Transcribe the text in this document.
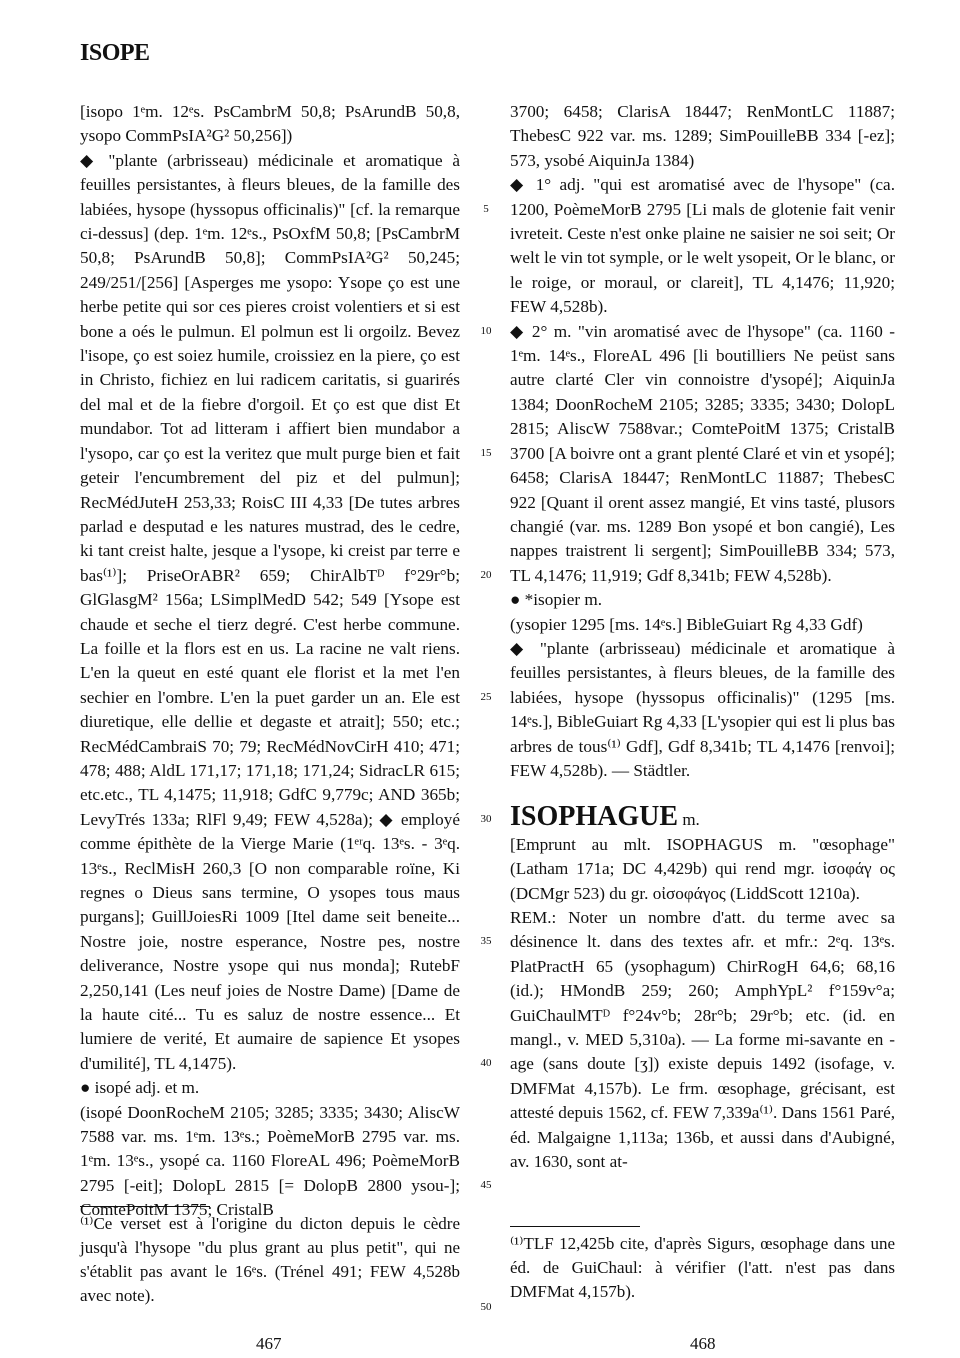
ISOPE

[isopo 1ᵉm. 12ᵉs. PsCambrM 50,8; PsArundB 50,8, ysopo CommPsIA²G² 50,256])

◆ "plante (arbrisseau) médicinale et aromatique à feuilles persistantes, à fleurs bleues, de la famille des labiées, hysope (hyssopus officinalis)" [cf. la remarque ci-dessus] (dep. 1ᵉm. 12ᵉs., PsOxfM 50,8; [PsCambrM 50,8; PsArundB 50,8]; CommPsIA²G² 50,245; 249/251/[256] [Asperges me ysopo: Ysope ço est une herbe petite qui sor ces pieres croist volentiers et si est bone a oés le pulmun. El polmun est li orgoilz. Bevez l'isope, ço est soiez humile, croissiez en la piere, ço est in Christo, fichiez en lui radicem caritatis, si guarirés del mal et de la fiebre d'orgoil. Et ço est que dist Et mundabor. Tot ad litteram i affiert bien mundabor a l'ysopo, car ço est la veritez que mult purge bien et fait geteir l'encumbrement del piz et del pulmun]; RecMédJuteH 253,33; RoisC III 4,33 [De tutes arbres parlad e desputad e les natures mustrad, des le cedre, ki tant creist halte, jesque a l'ysope, ki creist par terre e bas⁽¹⁾]; PriseOrABR² 659; ChirAlbTᴰ f°29r°b; GlGlasgM² 156a; LSimplMedD 542; 549 [Ysope est chaude et seche el tierz degré. C'est herbe commune. La foille et la flors est en us. La racine ne valt riens. L'en la queut en esté quant ele florist et la met l'en sechier en l'ombre. L'en la puet garder un an. Ele est diuretique, elle dellie et degaste et atrait]; 550; etc.; RecMédCambraiS 70; 79; RecMédNovCirH 410; 471; 478; 488; AldL 171,17; 171,18; 171,24; SidracLR 615; etc.etc., TL 4,1475; 11,918; GdfC 9,779c; AND 365b; LevyTrés 133a; RlFl 9,49; FEW 4,528a); ◆ employé comme épithète de la Vierge Marie (1ᵉʳq. 13ᵉs. - 3ᵉq. 13ᵉs., ReclMisH 260,3 [O non comparable roïne, Ki regnes o Dieus sans termine, O ysopes tous maus purgans]; GuillJoiesRi 1009 [Itel dame seit beneite... Nostre joie, nostre esperance, Nostre pes, nostre deliverance, Nostre ysope qui nus monda]; RutebF 2,250,141 (Les neuf joies de Nostre Dame) [Dame de la haute cité... Tu es saluz de nostre essence... Et lumiere de verité, Et aumaire de sapience Et ysopes d'umilité], TL 4,1475).

● isopé adj. et m.

(isopé DoonRocheM 2105; 3285; 3335; 3430; AliscW 7588 var. ms. 1ᵉm. 13ᵉs.; PoèmeMorB 2795 var. ms. 1ᵉm. 13ᵉs., ysopé ca. 1160 FloreAL 496; PoèmeMorB 2795 [-eit]; DolopL 2815 [= DolopB 2800 ysou-]; ComtePoitM 1375; CristalB

5
10
15
20
25
30
35
40
45
50

3700; 6458; ClarisA 18447; RenMontLC 11887; ThebesC 922 var. ms. 1289; SimPouilleBB 334 [-ez]; 573, ysobé AiquinJa 1384)

◆ 1° adj. "qui est aromatisé avec de l'hysope" (ca. 1200, PoèmeMorB 2795 [Li mals de glotenie fait venir ivreteit. Ceste n'est onke plaine ne saisier ne soi seit; Or welt le vin tot symple, or le welt ysopeit, Or le blanc, or le roige, or moraul, or clareit], TL 4,1476; 11,920; FEW 4,528b).

◆ 2° m. "vin aromatisé avec de l'hysope" (ca. 1160 - 1ᵉm. 14ᵉs., FloreAL 496 [li boutilliers Ne peüst sans autre clarté Cler vin connoistre d'ysopé]; AiquinJa 1384; DoonRocheM 2105; 3285; 3335; 3430; DolopL 2815; AliscW 7588var.; ComtePoitM 1375; CristalB 3700 [A boivre ont a grant plenté Claré et vin et ysopé]; 6458; ClarisA 18447; RenMontLC 11887; ThebesC 922 [Quant il orent assez mangié, Et vins tasté, plusors changié (var. ms. 1289 Bon ysopé et bon cangié), Les nappes traistrent li sergent]; SimPouilleBB 334; 573, TL 4,1476; 11,919; Gdf 8,341b; FEW 4,528b).

● *isopier m.

(ysopier 1295 [ms. 14ᵉs.] BibleGuiart Rg 4,33 Gdf)

◆ "plante (arbrisseau) médicinale et aromatique à feuilles persistantes, à fleurs bleues, de la famille des labiées, hysope (hyssopus officinalis)" (1295 [ms. 14ᵉs.], BibleGuiart Rg 4,33 [L'ysopier qui est li plus bas arbres de tous⁽¹⁾ Gdf], Gdf 8,341b; TL 4,1476 [renvoi]; FEW 4,528b). — Städtler.

ISOPHAGUE m.

[Emprunt au mlt. ISOPHAGUS m. "œsophage" (Latham 171a; DC 4,429b) qui rend mgr. ἰσοφάγ ος (DCMgr 523) du gr. οἰσοφάγος (LiddScott 1210a).

REM.: Noter un nombre d'att. du terme avec sa désinence lt. dans des textes afr. et mfr.: 2ᵉq. 13ᵉs. PlatPractH 65 (ysophagum) ChirRogH 64,6; 68,16 (id.); HMondB 259; 260; AmphYpL² f°159v°a; GuiChaulMTᴰ f°24v°b; 28r°b; 29r°b; etc. (id. en mangl., v. MED 5,310a). — La forme mi-savante en -age (sans doute [ʒ]) existe depuis 1492 (isofage, v. DMFMat 4,157b). Le frm. œsophage, grécisant, est attesté depuis 1562, cf. FEW 7,339a⁽¹⁾. Dans 1561 Paré, éd. Malgaigne 1,113a; 136b, et aussi dans d'Aubigné, av. 1630, sont at-

⁽¹⁾Ce verset est à l'origine du dicton depuis le cèdre jusqu'à l'hysope "du plus grant au plus petit", qui ne s'établit pas avant le 16ᵉs. (Trénel 491; FEW 4,528b avec note).
⁽¹⁾TLF 12,425b cite, d'après Sigurs, œsophage dans une éd. de GuiChaul: à vérifier (l'att. n'est pas dans DMFMat 4,157b).
467	468
